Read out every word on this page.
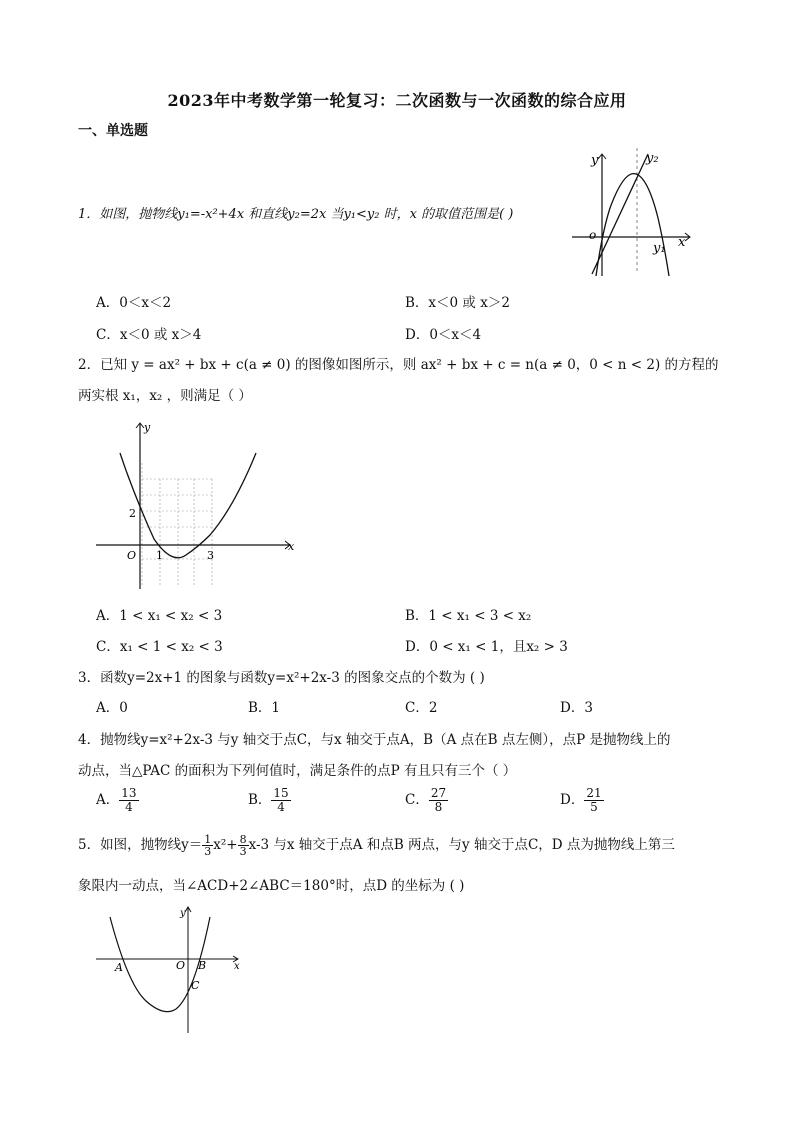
2023年中考数学第一轮复习：二次函数与一次函数的综合应用
一、单选题
1．如图，抛物线y₁=-x²+4x 和直线y₂=2x 当y₁<y₂ 时，x 的取值范围是( )
y	y₂
o
y₁ x
A．0＜x＜2	B．x＜0 或 x＞2
C．x＜0 或 x＞4	D．0＜x＜4
2．已知 y = ax² + bx + c(a ≠ 0) 的图像如图所示，则 ax² + bx + c = n(a ≠ 0，0 < n < 2) 的方程的
两实根 x₁，x₂ ，则满足（ ）
y
x
O
2
1	3
A．1 < x₁ < x₂ < 3	B．1 < x₁ < 3 < x₂
C．x₁ < 1 < x₂ < 3	D．0 < x₁ < 1，且x₂ > 3
3．函数y=2x+1 的图象与函数y=x²+2x-3 的图象交点的个数为 ( )
A．0	B．1	C．2	D．3
4．抛物线y=x²+2x-3 与y 轴交于点C，与x 轴交于点A，B（A 点在B 点左侧），点P 是抛物线上的
动点，当△PAC 的面积为下列何值时，满足条件的点P 有且只有三个（ ）
A． $\frac{13}{4}$	B． $\frac{15}{4}$	C． $\frac{27}{8}$	D． $\frac{21}{5}$
5．如图，抛物线$y= \frac{1}{3} x^2+ \frac{8}{3} x-3$ 与x 轴交于点A 和点B 两点，与y 轴交于点C，D 点为抛物线上第三
象限内一动点，当∠ACD+2∠ABC＝180°时，点D 的坐标为 ( )
y
x
A	O B
C
